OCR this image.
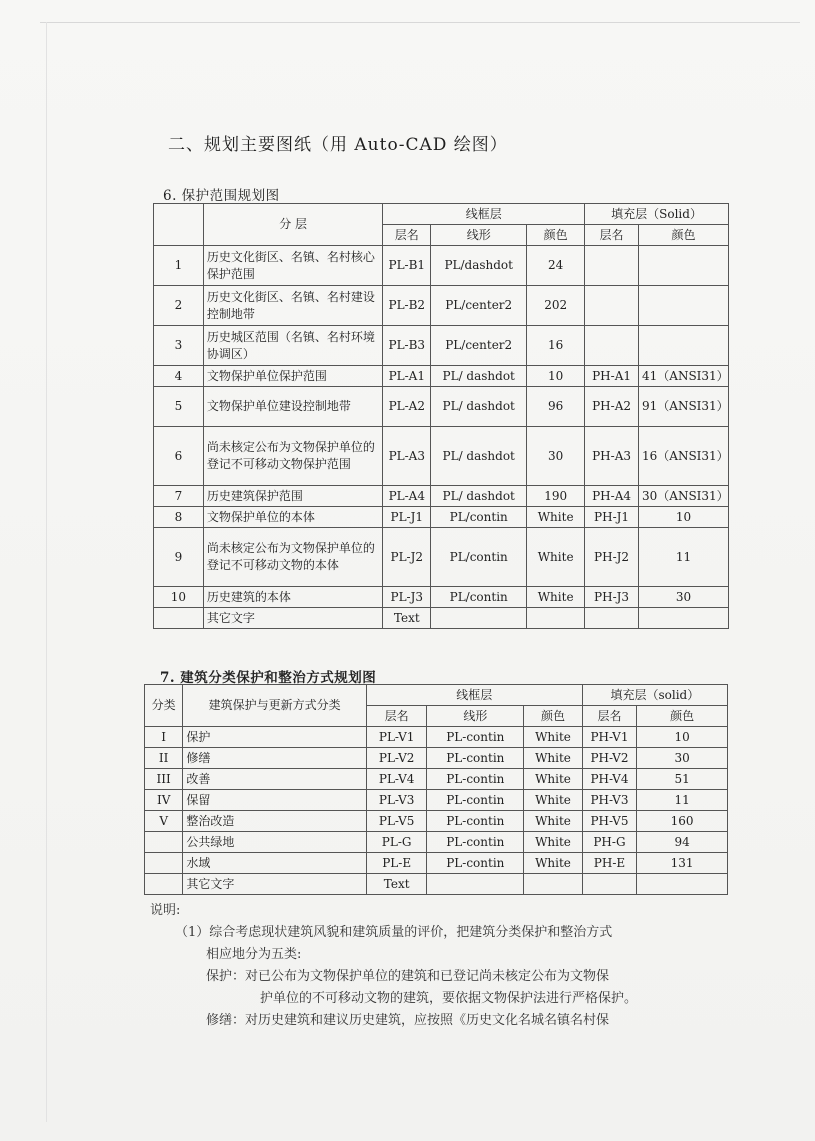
二、规划主要图纸（用 Auto-CAD 绘图）
6. 保护范围规划图
	分 层	线框层			填充层（Solid）	
		层名	线形	颜色	层名	颜色
1	历史文化街区、名镇、名村核心保护范围	PL-B1	PL/dashdot	24		
2	历史文化街区、名镇、名村建设控制地带	PL-B2	PL/center2	202		
3	历史城区范围（名镇、名村环境协调区）	PL-B3	PL/center2	16		
4	文物保护单位保护范围	PL-A1	PL/ dashdot	10	PH-A1	41（ANSI31）
5	文物保护单位建设控制地带	PL-A2	PL/ dashdot	96	PH-A2	91（ANSI31）
6	尚未核定公布为文物保护单位的登记不可移动文物保护范围	PL-A3	PL/ dashdot	30	PH-A3	16（ANSI31）
7	历史建筑保护范围	PL-A4	PL/ dashdot	190	PH-A4	30（ANSI31）
8	文物保护单位的本体	PL-J1	PL/contin	White	PH-J1	10
9	尚未核定公布为文物保护单位的登记不可移动文物的本体	PL-J2	PL/contin	White	PH-J2	11
10	历史建筑的本体	PL-J3	PL/contin	White	PH-J3	30
	其它文字	Text				
7. 建筑分类保护和整治方式规划图
分类	建筑保护与更新方式分类	线框层			填充层（solid）	
		层名	线形	颜色	层名	颜色
I	保护	PL-V1	PL-contin	White	PH-V1	10
II	修缮	PL-V2	PL-contin	White	PH-V2	30
III	改善	PL-V4	PL-contin	White	PH-V4	51
IV	保留	PL-V3	PL-contin	White	PH-V3	11
V	整治改造	PL-V5	PL-contin	White	PH-V5	160
	公共绿地	PL-G	PL-contin	White	PH-G	94
	水域	PL-E	PL-contin	White	PH-E	131
	其它文字	Text				

说明:

（1）综合考虑现状建筑风貌和建筑质量的评价，把建筑分类保护和整治方式

相应地分为五类:

保护：对已公布为文物保护单位的建筑和已登记尚未核定公布为文物保

护单位的不可移动文物的建筑，要依据文物保护法进行严格保护。

修缮：对历史建筑和建议历史建筑，应按照《历史文化名城名镇名村保
